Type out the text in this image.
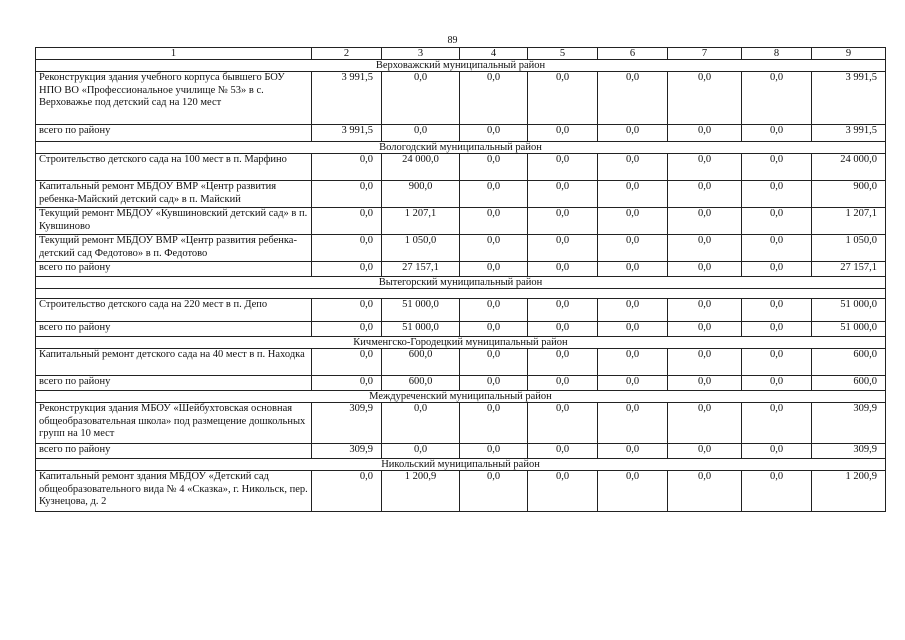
89
1	2	3	4	5	6	7	8	9
Верховажский муниципальный район								
Реконструкция здания учебного корпуса бывшего БОУ НПО ВО «Профессиональное училище № 53» в с. Верховажье под детский сад на 120 мест	3 991,5	0,0	0,0	0,0	0,0	0,0	0,0	3 991,5
всего по району	3 991,5	0,0	0,0	0,0	0,0	0,0	0,0	3 991,5
Вологодский муниципальный район								
Строительство детского сада на 100 мест в п. Марфино	0,0	24 000,0	0,0	0,0	0,0	0,0	0,0	24 000,0
Капитальный ремонт МБДОУ ВМР «Центр развития ребенка-Майский детский сад» в п. Майский	0,0	900,0	0,0	0,0	0,0	0,0	0,0	900,0
Текущий ремонт МБДОУ «Кувшиновский детский сад» в п. Кувшиново	0,0	1 207,1	0,0	0,0	0,0	0,0	0,0	1 207,1
Текущий ремонт МБДОУ ВМР «Центр развития ребенка-детский сад Федотово» в п. Федотово	0,0	1 050,0	0,0	0,0	0,0	0,0	0,0	1 050,0
всего по району	0,0	27 157,1	0,0	0,0	0,0	0,0	0,0	27 157,1
Вытегорский муниципальный район								

Строительство детского сада на 220 мест в п. Депо	0,0	51 000,0	0,0	0,0	0,0	0,0	0,0	51 000,0
всего по району	0,0	51 000,0	0,0	0,0	0,0	0,0	0,0	51 000,0
Кичменгско-Городецкий муниципальный район								
Капитальный ремонт детского сада на 40 мест в п. Находка	0,0	600,0	0,0	0,0	0,0	0,0	0,0	600,0
всего по району	0,0	600,0	0,0	0,0	0,0	0,0	0,0	600,0
Междуреченский муниципальный район								
Реконструкция здания МБОУ «Шейбухтовская основная общеобразовательная школа» под размещение дошкольных групп на 10 мест	309,9	0,0	0,0	0,0	0,0	0,0	0,0	309,9
всего по району	309,9	0,0	0,0	0,0	0,0	0,0	0,0	309,9
Никольский муниципальный район								
Капитальный ремонт здания МБДОУ «Детский сад общеобразовательного вида № 4 «Сказка», г. Никольск, пер. Кузнецова, д. 2	0,0	1 200,9	0,0	0,0	0,0	0,0	0,0	1 200,9
